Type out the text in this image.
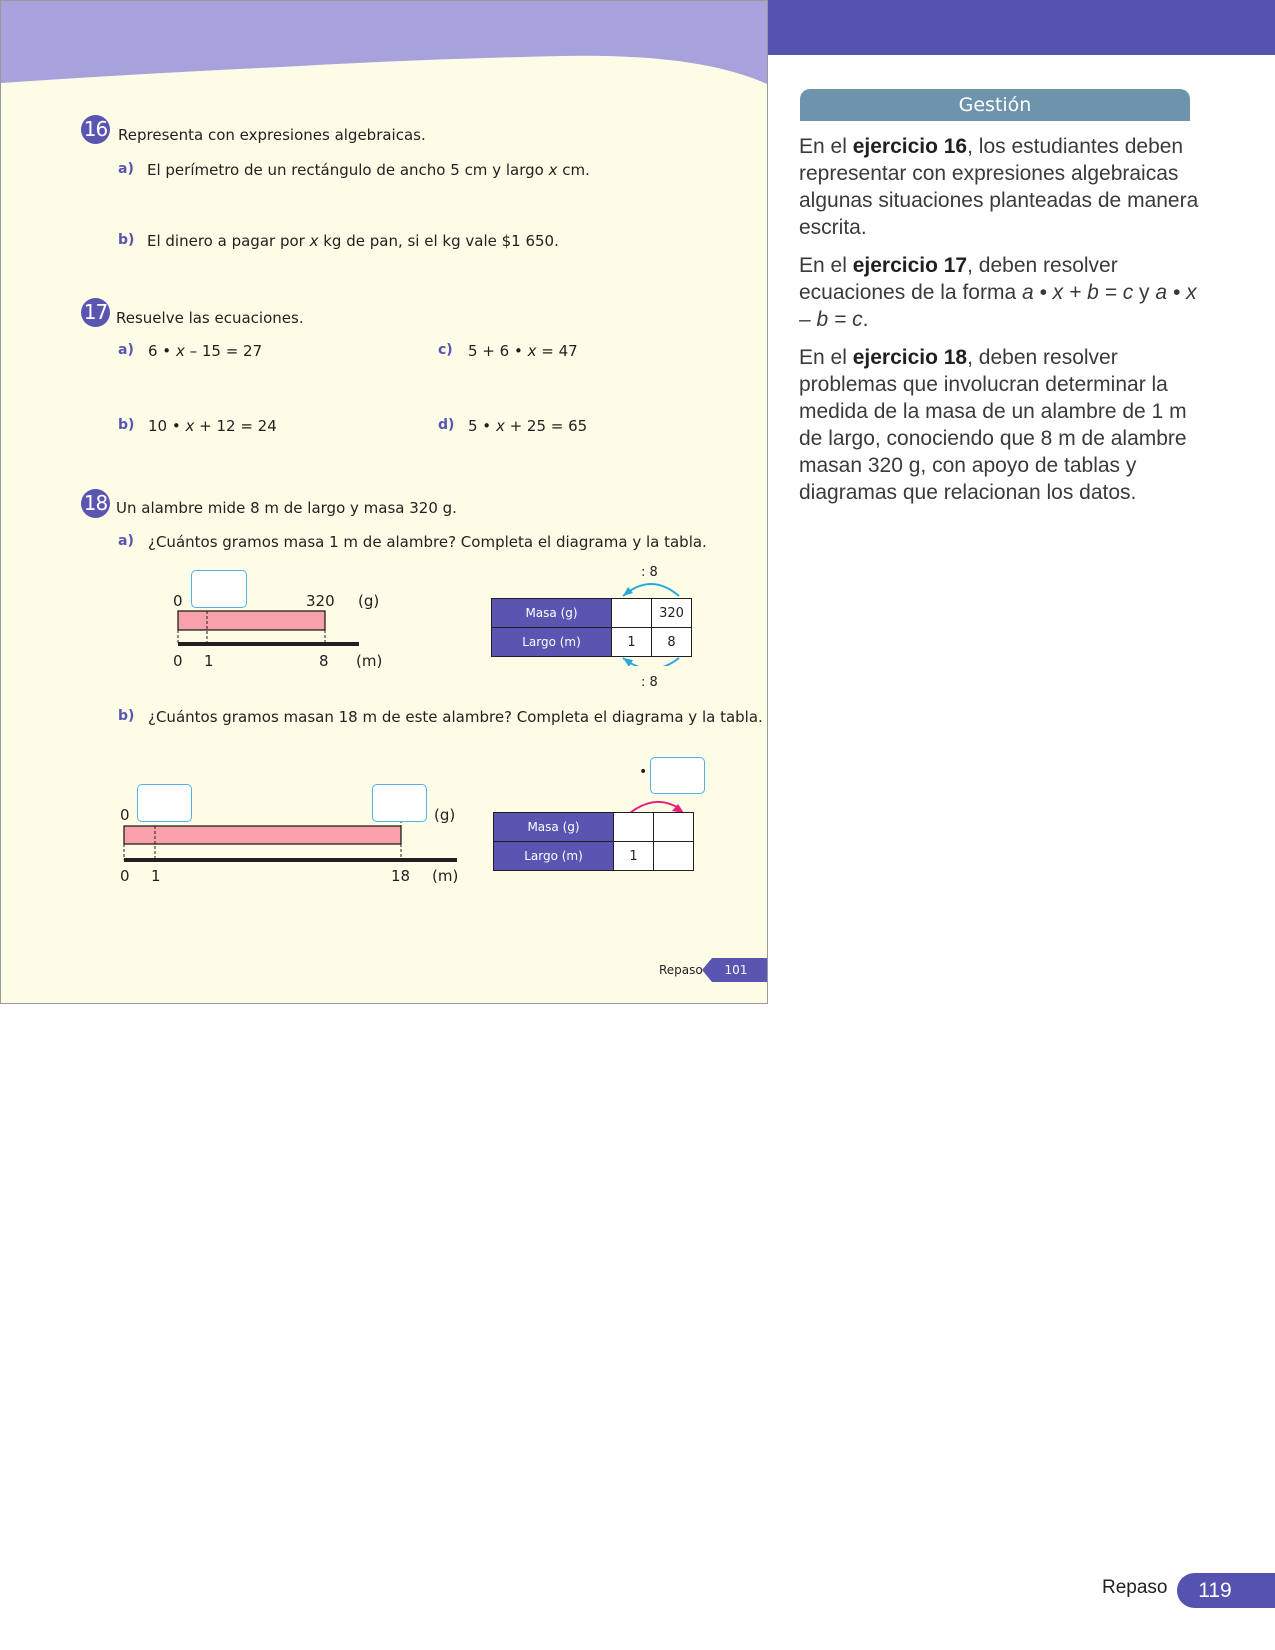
16 Representa con expresiones algebraicas.
a) El perímetro de un rectángulo de ancho 5 cm y largo x cm.
b) El dinero a pagar por x kg de pan, si el kg vale $1 650.
17 Resuelve las ecuaciones.
a) 6 • x – 15 = 27	c) 5 + 6 • x = 47
b) 10 • x + 12 = 24	d) 5 • x + 25 = 65
18 Un alambre mide 8 m de largo y masa 320 g.
a) ¿Cuántos gramos masa 1 m de alambre? Completa el diagrama y la tabla.
0	320 (g)
0 1	8 (m)
: 8
: 8
Masa (g)		320
Largo (m)	1	8
b) ¿Cuántos gramos masan 18 m de este alambre? Completa el diagrama y la tabla.
0	(g)
0 1	18 (m)
•
Masa (g)		
Largo (m)	1	
Repaso	101
Gestión

En el ejercicio 16, los estudiantes deben representar con expresiones algebraicas algunas situaciones planteadas de manera escrita.

En el ejercicio 17, deben resolver ecuaciones de la forma a • x + b = c y a • x – b = c.

En el ejercicio 18, deben resolver problemas que involucran determinar la medida de la masa de un alambre de 1 m de largo, conociendo que 8 m de alambre masan 320 g, con apoyo de tablas y diagramas que relacionan los datos.

Repaso	119
